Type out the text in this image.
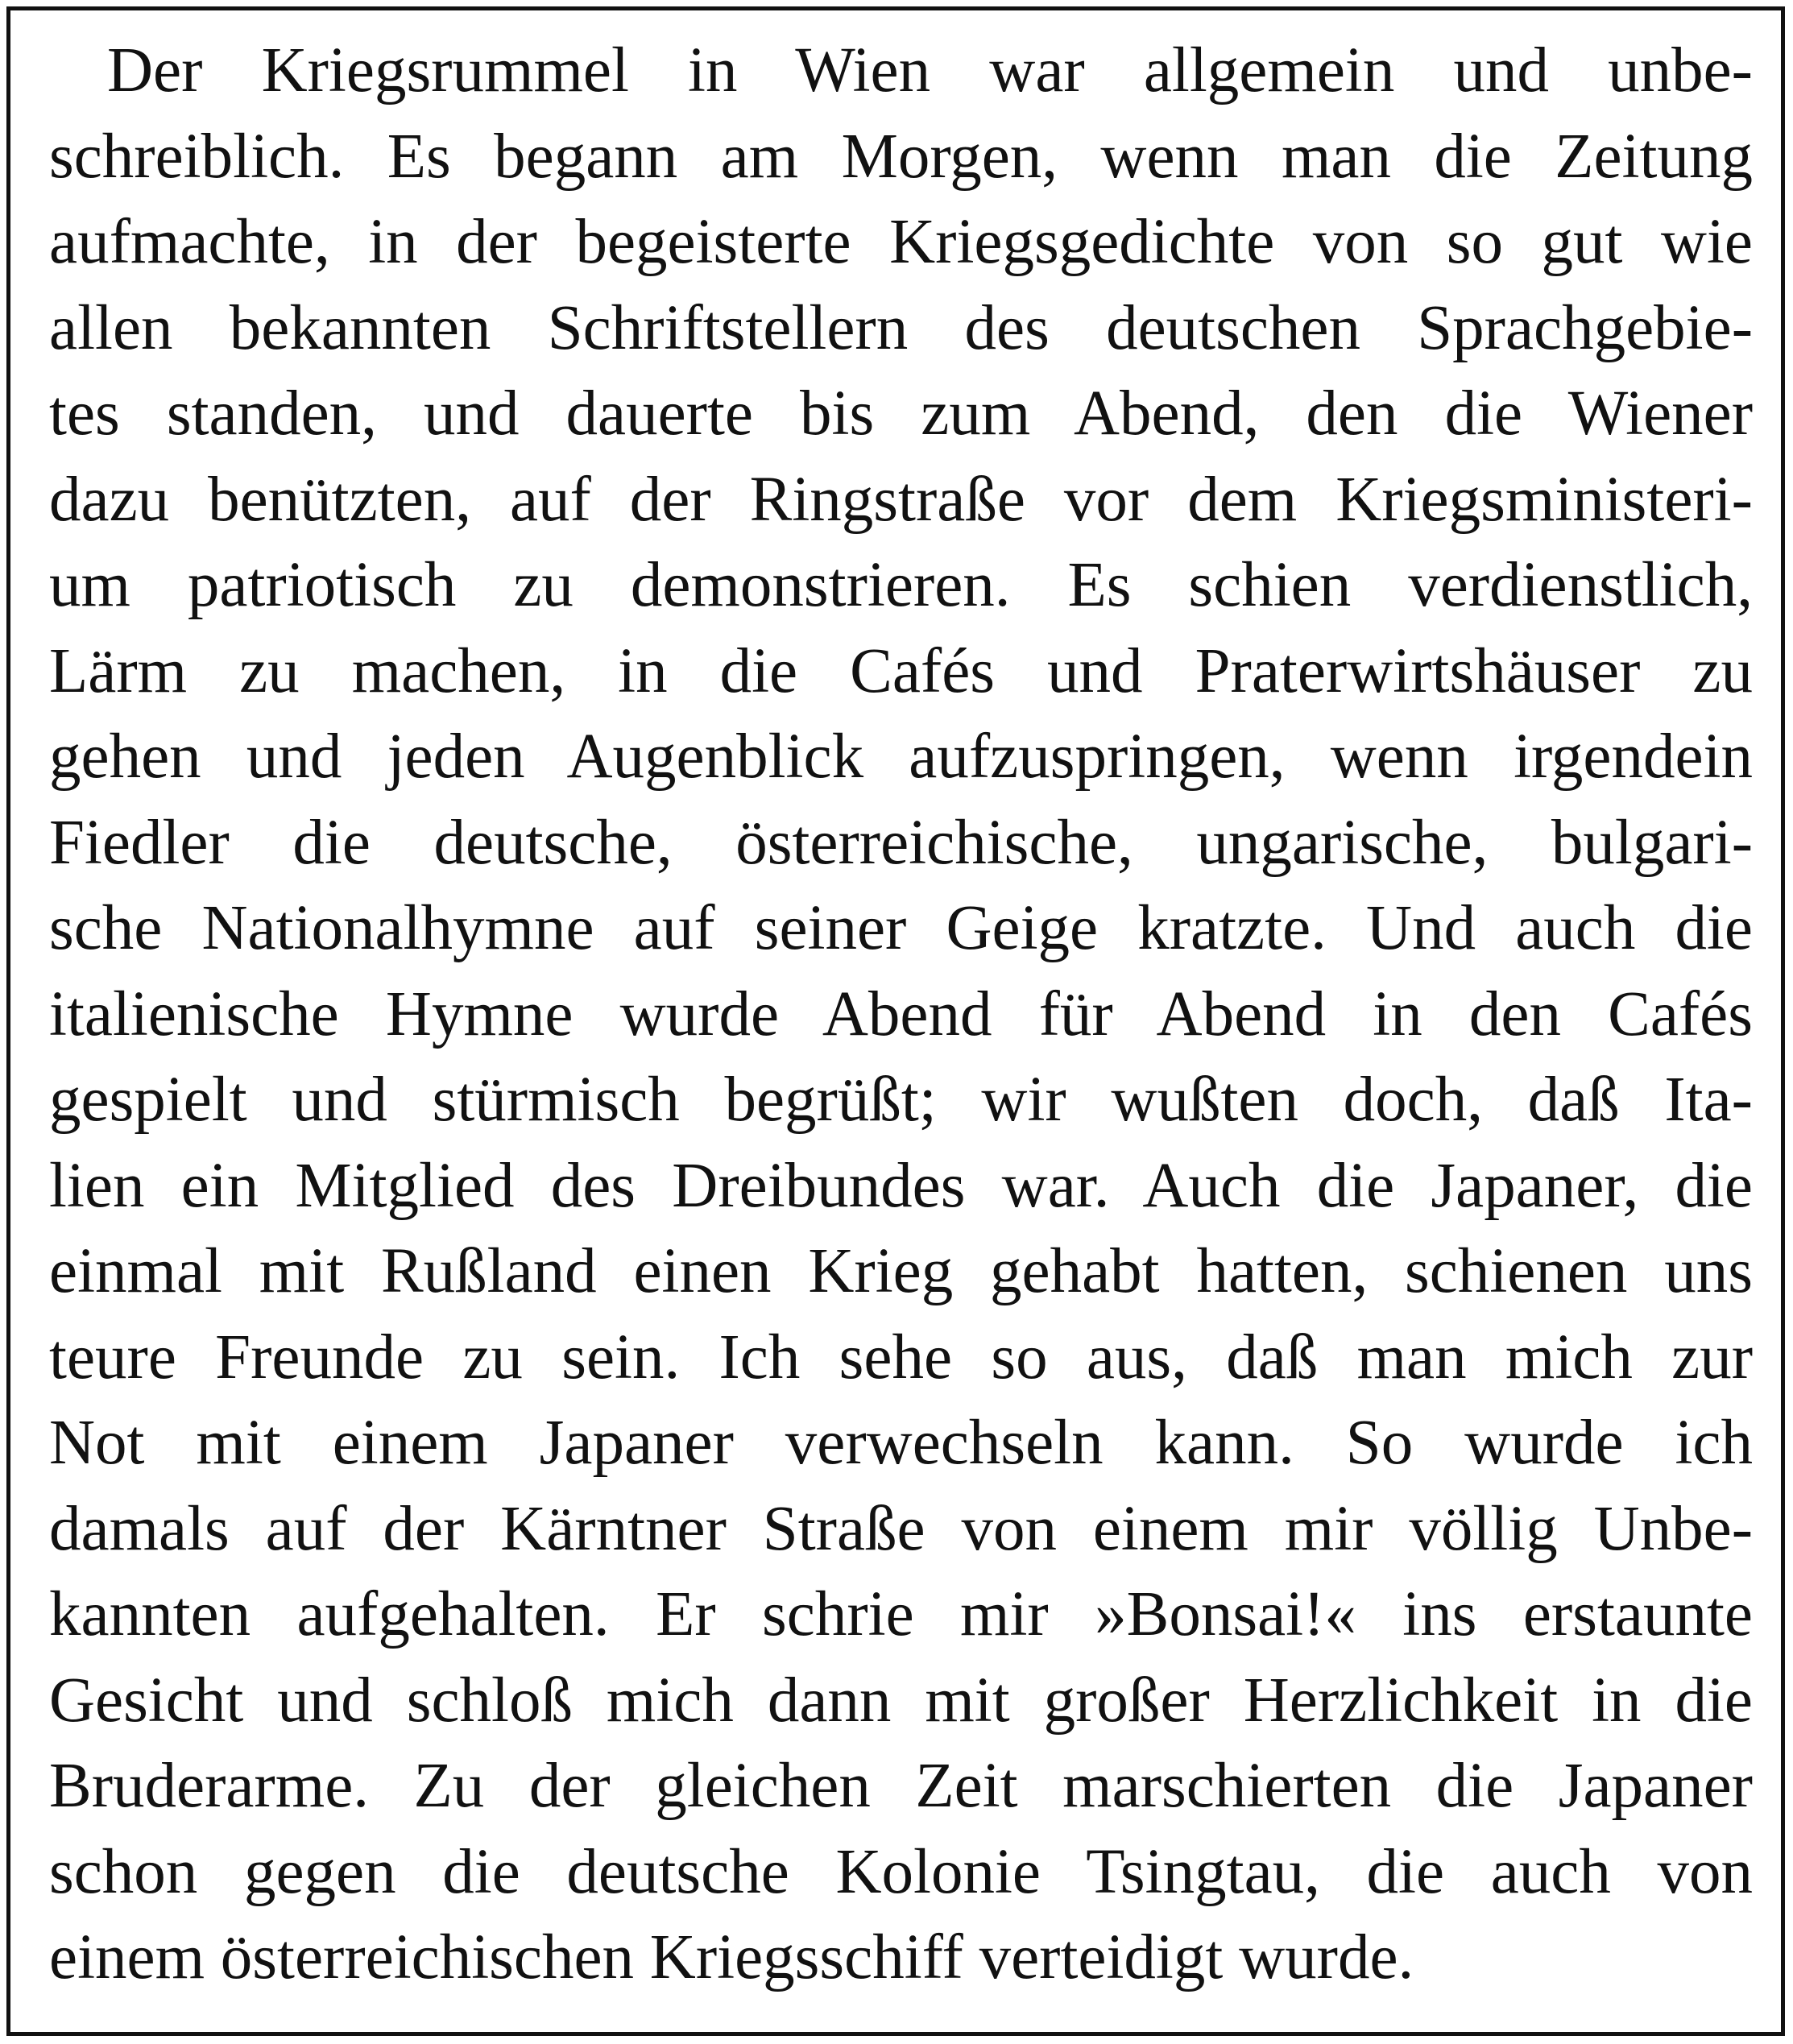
Der Kriegsrummel in Wien war allgemein und unbe-
schreiblich. Es begann am Morgen, wenn man die Zeitung
aufmachte, in der begeisterte Kriegsgedichte von so gut wie
allen bekannten Schriftstellern des deutschen Sprachgebie-
tes standen, und dauerte bis zum Abend, den die Wiener
dazu benützten, auf der Ringstraße vor dem Kriegsministeri-
um patriotisch zu demonstrieren. Es schien verdienstlich,
Lärm zu machen, in die Cafés und Praterwirtshäuser zu
gehen und jeden Augenblick aufzuspringen, wenn irgendein
Fiedler die deutsche, österreichische, ungarische, bulgari-
sche Nationalhymne auf seiner Geige kratzte. Und auch die
italienische Hymne wurde Abend für Abend in den Cafés
gespielt und stürmisch begrüßt; wir wußten doch, daß Ita-
lien ein Mitglied des Dreibundes war. Auch die Japaner, die
einmal mit Rußland einen Krieg gehabt hatten, schienen uns
teure Freunde zu sein. Ich sehe so aus, daß man mich zur
Not mit einem Japaner verwechseln kann. So wurde ich
damals auf der Kärntner Straße von einem mir völlig Unbe-
kannten aufgehalten. Er schrie mir »Bonsai!« ins erstaunte
Gesicht und schloß mich dann mit großer Herzlichkeit in die
Bruderarme. Zu der gleichen Zeit marschierten die Japaner
schon gegen die deutsche Kolonie Tsingtau, die auch von
einem österreichischen Kriegsschiff verteidigt wurde.
